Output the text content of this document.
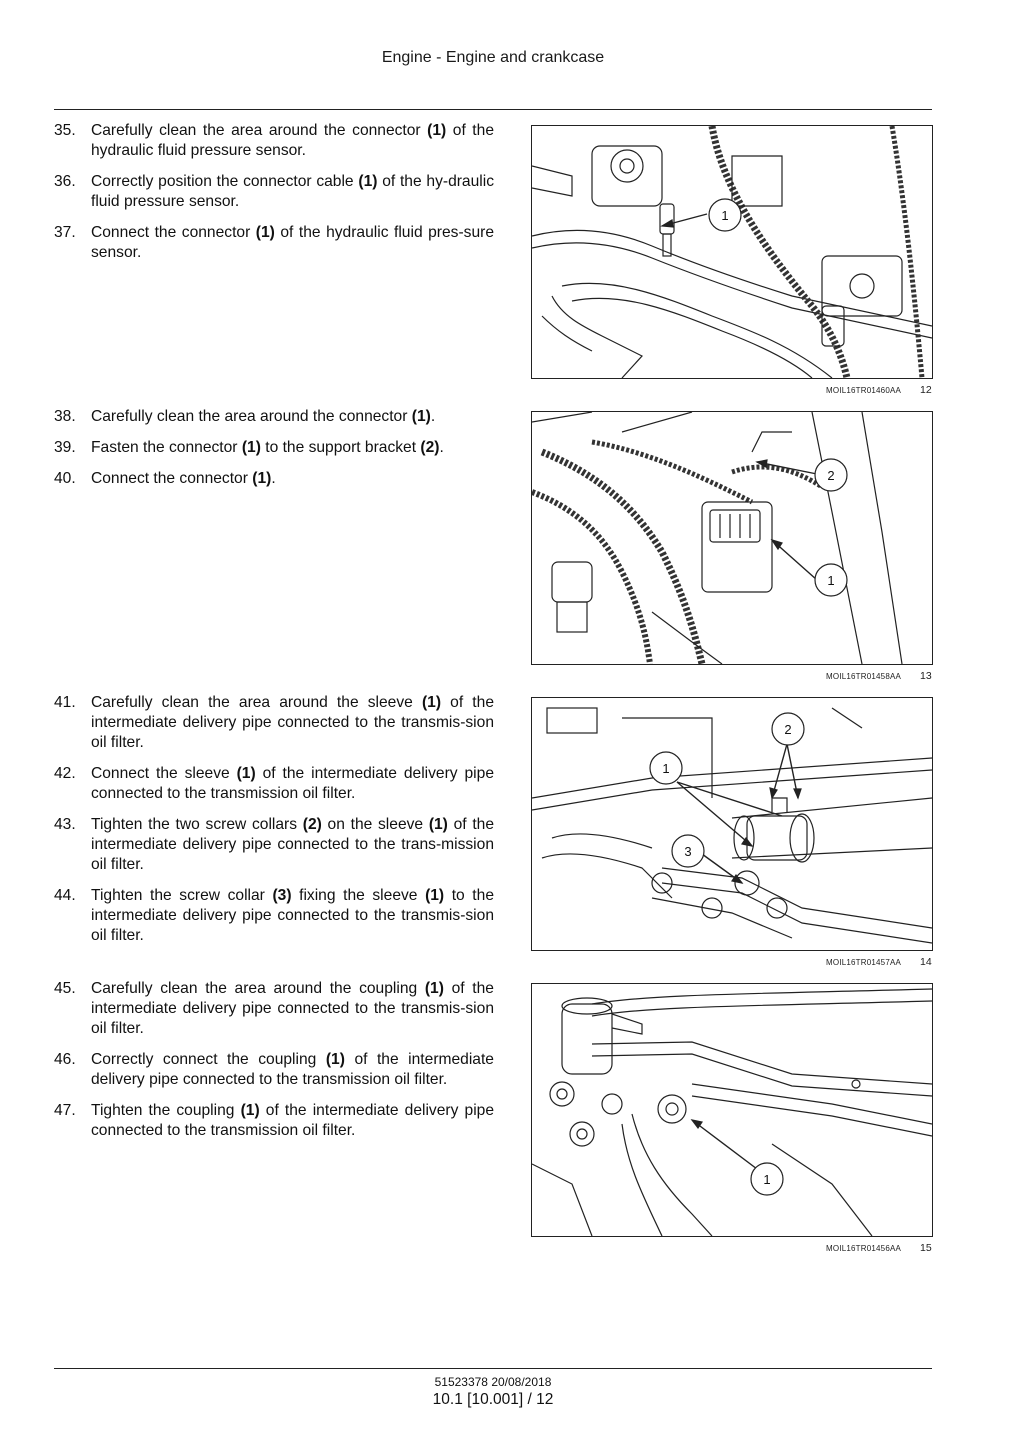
Engine - Engine and crankcase
35. Carefully clean the area around the connector (1) of the hydraulic fluid pressure sensor.
36. Correctly position the connector cable (1) of the hy-draulic fluid pressure sensor.
37. Connect the connector (1) of the hydraulic fluid pres-sure sensor.
1
MOIL16TR01460AA 12
38. Carefully clean the area around the connector (1).
39. Fasten the connector (1) to the support bracket (2).
40. Connect the connector (1).	2
1
MOIL16TR01458AA 13
41. Carefully clean the area around the sleeve (1) of the intermediate delivery pipe connected to the transmis-sion oil filter.
42. Connect the sleeve (1) of the intermediate delivery pipe connected to the transmission oil filter.
43. Tighten the two screw collars (2) on the sleeve (1) of the intermediate delivery pipe connected to the trans-mission oil filter.
44. Tighten the screw collar (3) fixing the sleeve (1) to the intermediate delivery pipe connected to the transmis-sion oil filter.
2
1
3
MOIL16TR01457AA 14
45. Carefully clean the area around the coupling (1) of the intermediate delivery pipe connected to the transmis-sion oil filter.
46. Correctly connect the coupling (1) of the intermediate delivery pipe connected to the transmission oil filter.
47. Tighten the coupling (1) of the intermediate delivery pipe connected to the transmission oil filter.
1
MOIL16TR01456AA 15
51523378 20/08/2018
10.1 [10.001] / 12
